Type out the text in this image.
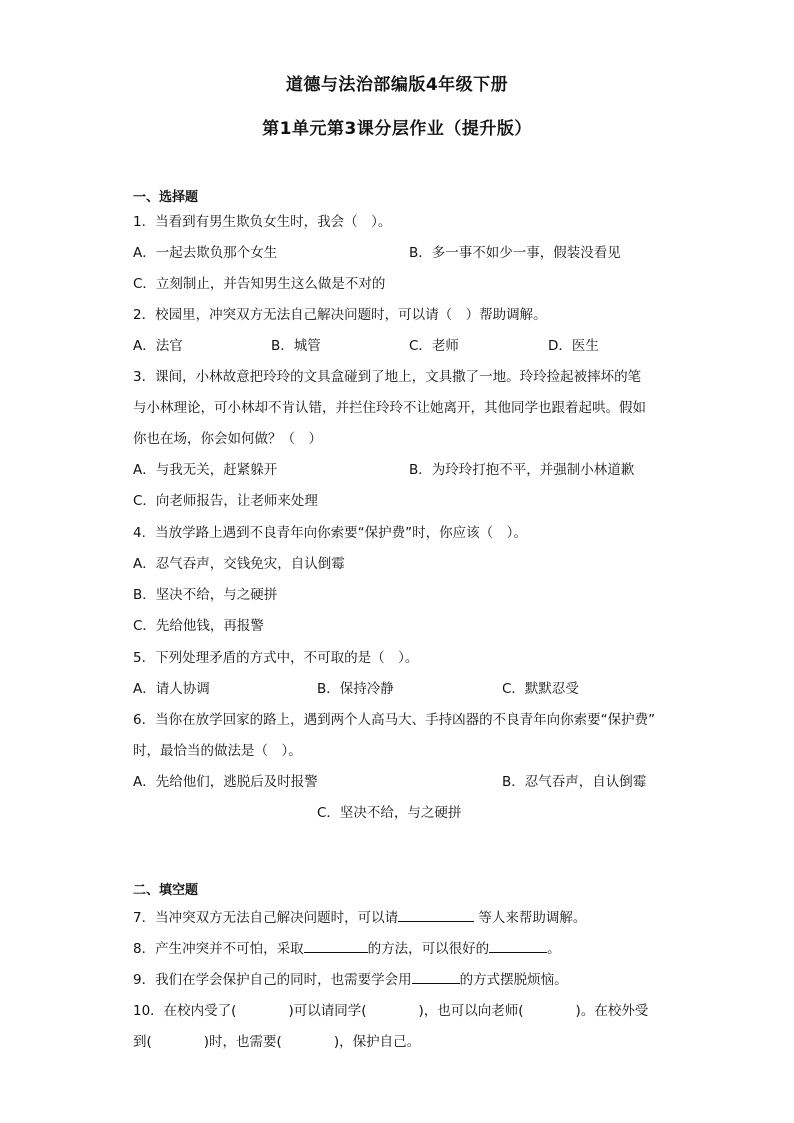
道德与法治部编版4年级下册
第1单元第3课分层作业（提升版）
一、选择题
1．当看到有男生欺负女生时，我会（　）。
A．一起去欺负那个女生	B．多一事不如少一事，假装没看见
C．立刻制止，并告知男生这么做是不对的
2．校园里，冲突双方无法自己解决问题时，可以请（　）帮助调解。
A．法官	B．城管	C．老师	D．医生
3．课间，小林故意把玲玲的文具盒碰到了地上，文具撒了一地。玲玲捡起被摔坏的笔
与小林理论，可小林却不肯认错，并拦住玲玲不让她离开，其他同学也跟着起哄。假如
你也在场，你会如何做？（　）
A．与我无关，赶紧躲开	B．为玲玲打抱不平，并强制小林道歉
C．向老师报告，让老师来处理
4．当放学路上遇到不良青年向你索要“保护费”时，你应该（　）。
A．忍气吞声，交钱免灾，自认倒霉
B．坚决不给，与之硬拼
C．先给他钱，再报警
5．下列处理矛盾的方式中，不可取的是（　）。
A．请人协调	B．保持冷静	C．默默忍受
6．当你在放学回家的路上，遇到两个人高马大、手持凶器的不良青年向你索要“保护费”
时，最恰当的做法是（　）。
A．先给他们，逃脱后及时报警	B．忍气吞声，自认倒霉
C．坚决不给，与之硬拼
二、填空题
7．当冲突双方无法自己解决问题时，可以请	等人来帮助调解。
8．产生冲突并不可怕，采取	的方法，可以很好的	。
9．我们在学会保护自己的同时，也需要学会用	的方式摆脱烦恼。
10．在校内受了(	)可以请同学(	)，也可以向老师(	)。在校外受
到(	)时，也需要(	)，保护自己。
